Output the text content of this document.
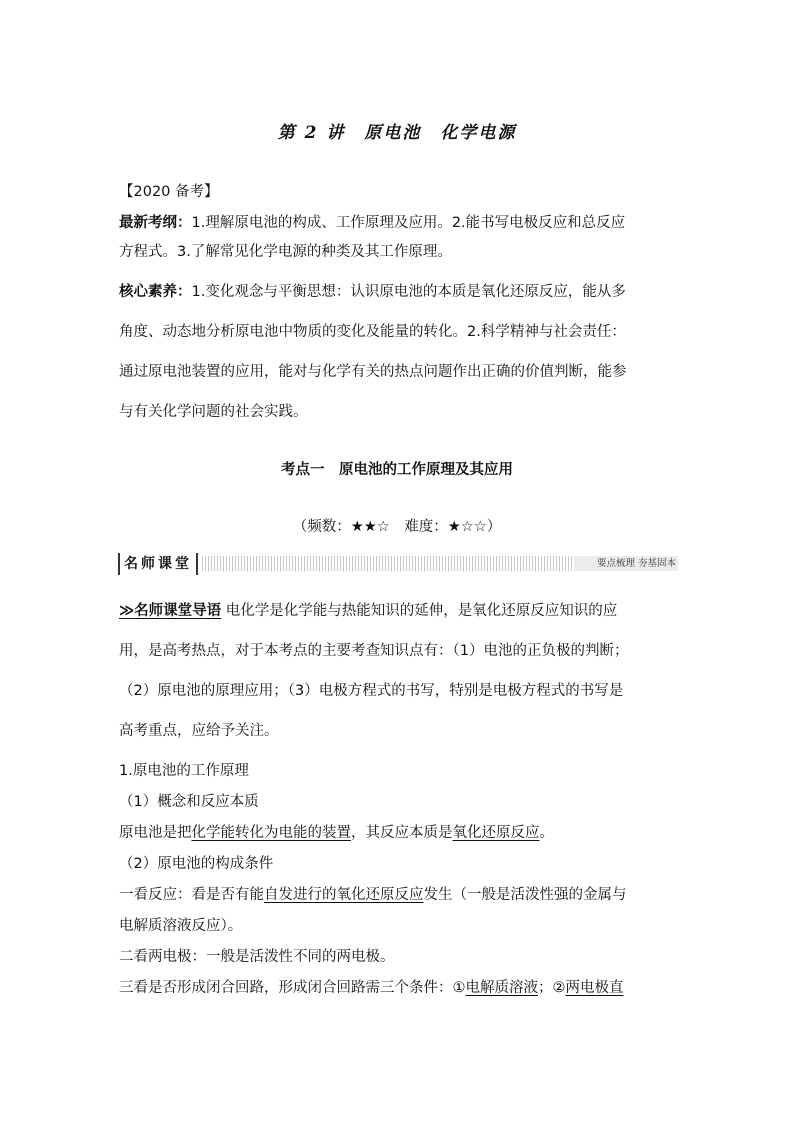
第 2 讲　原电池　化学电源
【2020 备考】
最新考纲：1.理解原电池的构成、工作原理及应用。2.能书写电极反应和总反应
方程式。3.了解常见化学电源的种类及其工作原理。
核心素养：1.变化观念与平衡思想：认识原电池的本质是氧化还原反应，能从多
角度、动态地分析原电池中物质的变化及能量的转化。2.科学精神与社会责任：
通过原电池装置的应用，能对与化学有关的热点问题作出正确的价值判断，能参
与有关化学问题的社会实践。
考点一　原电池的工作原理及其应用
（频数：★★☆　难度：★☆☆）
名师课堂	要点梳理 夯基固本
≫名师课堂导语 电化学是化学能与热能知识的延伸，是氧化还原反应知识的应
用，是高考热点，对于本考点的主要考查知识点有：（1）电池的正负极的判断；
（2）原电池的原理应用；（3）电极方程式的书写，特别是电极方程式的书写是
高考重点，应给予关注。
1.原电池的工作原理
（1）概念和反应本质
原电池是把化学能转化为电能的装置，其反应本质是氧化还原反应。
（2）原电池的构成条件
一看反应：看是否有能自发进行的氧化还原反应发生（一般是活泼性强的金属与
电解质溶液反应）。
二看两电极：一般是活泼性不同的两电极。
三看是否形成闭合回路，形成闭合回路需三个条件：①电解质溶液；②两电极直
